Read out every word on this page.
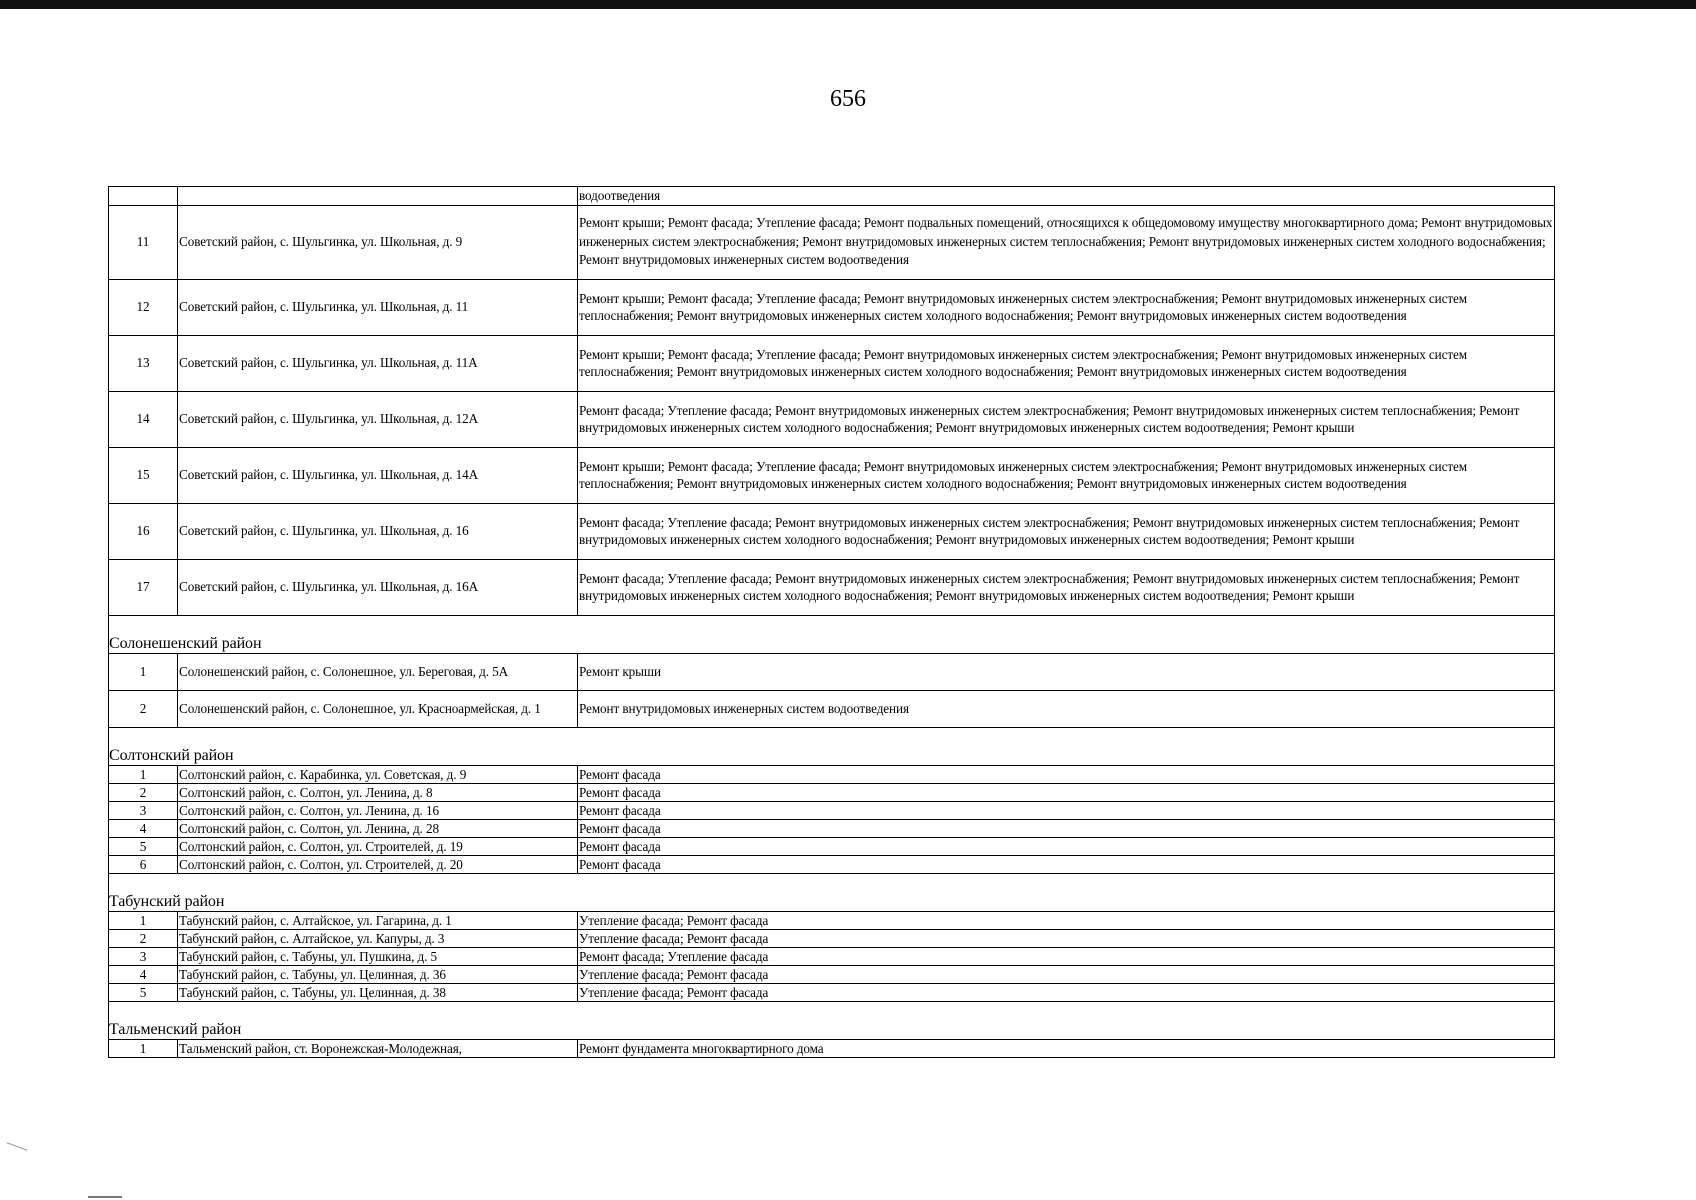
656
		водоотведения
11	Советский район, с. Шульгинка, ул. Школьная, д. 9	Ремонт крыши; Ремонт фасада; Утепление фасада; Ремонт подвальных помещений, относящихся к общедомовому имуществу многоквартирного дома; Ремонт внутридомовых инженерных систем электроснабжения; Ремонт внутридомовых инженерных систем теплоснабжения; Ремонт внутридомовых инженерных систем холодного водоснабжения; Ремонт внутридомовых инженерных систем водоотведения
12	Советский район, с. Шульгинка, ул. Школьная, д. 11	Ремонт крыши; Ремонт фасада; Утепление фасада; Ремонт внутридомовых инженерных систем электроснабжения; Ремонт внутридомовых инженерных систем теплоснабжения; Ремонт внутридомовых инженерных систем холодного водоснабжения; Ремонт внутридомовых инженерных систем водоотведения
13	Советский район, с. Шульгинка, ул. Школьная, д. 11А	Ремонт крыши; Ремонт фасада; Утепление фасада; Ремонт внутридомовых инженерных систем электроснабжения; Ремонт внутридомовых инженерных систем теплоснабжения; Ремонт внутридомовых инженерных систем холодного водоснабжения; Ремонт внутридомовых инженерных систем водоотведения
14	Советский район, с. Шульгинка, ул. Школьная, д. 12А	Ремонт фасада; Утепление фасада; Ремонт внутридомовых инженерных систем электроснабжения; Ремонт внутридомовых инженерных систем теплоснабжения; Ремонт внутридомовых инженерных систем холодного водоснабжения; Ремонт внутридомовых инженерных систем водоотведения; Ремонт крыши
15	Советский район, с. Шульгинка, ул. Школьная, д. 14А	Ремонт крыши; Ремонт фасада; Утепление фасада; Ремонт внутридомовых инженерных систем электроснабжения; Ремонт внутридомовых инженерных систем теплоснабжения; Ремонт внутридомовых инженерных систем холодного водоснабжения; Ремонт внутридомовых инженерных систем водоотведения
16	Советский район, с. Шульгинка, ул. Школьная, д. 16	Ремонт фасада; Утепление фасада; Ремонт внутридомовых инженерных систем электроснабжения; Ремонт внутридомовых инженерных систем теплоснабжения; Ремонт внутридомовых инженерных систем холодного водоснабжения; Ремонт внутридомовых инженерных систем водоотведения; Ремонт крыши
17	Советский район, с. Шульгинка, ул. Школьная, д. 16А	Ремонт фасада; Утепление фасада; Ремонт внутридомовых инженерных систем электроснабжения; Ремонт внутридомовых инженерных систем теплоснабжения; Ремонт внутридомовых инженерных систем холодного водоснабжения; Ремонт внутридомовых инженерных систем водоотведения; Ремонт крыши
Солонешенский район		
1	Солонешенский район, с. Солонешное, ул. Береговая, д. 5А	Ремонт крыши
2	Солонешенский район, с. Солонешное, ул. Красноармейская, д. 1	Ремонт внутридомовых инженерных систем водоотведения
Солтонский район		
1	Солтонский район, с. Карабинка, ул. Советская, д. 9	Ремонт фасада
2	Солтонский район, с. Солтон, ул. Ленина, д. 8	Ремонт фасада
3	Солтонский район, с. Солтон, ул. Ленина, д. 16	Ремонт фасада
4	Солтонский район, с. Солтон, ул. Ленина, д. 28	Ремонт фасада
5	Солтонский район, с. Солтон, ул. Строителей, д. 19	Ремонт фасада
6	Солтонский район, с. Солтон, ул. Строителей, д. 20	Ремонт фасада
Табунский район		
1	Табунский район, с. Алтайское, ул. Гагарина, д. 1	Утепление фасада; Ремонт фасада
2	Табунский район, с. Алтайское, ул. Капуры, д. 3	Утепление фасада; Ремонт фасада
3	Табунский район, с. Табуны, ул. Пушкина, д. 5	Ремонт фасада; Утепление фасада
4	Табунский район, с. Табуны, ул. Целинная, д. 36	Утепление фасада; Ремонт фасада
5	Табунский район, с. Табуны, ул. Целинная, д. 38	Утепление фасада; Ремонт фасада
Тальменский район		
1	Тальменский район, ст. Воронежская-Молодежная,	Ремонт фундамента многоквартирного дома
